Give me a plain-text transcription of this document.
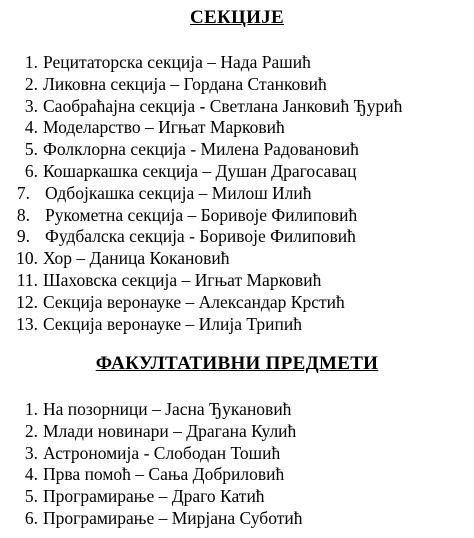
СЕКЦИЈЕ
1. Рецитаторска секција – Нада Рашић
2. Ликовна секција – Гордана Станковић
3. Саобраћајна секција - Светлана Јанковић Ђурић
4. Моделарство – Игњат Марковић
5. Фолклорна секција - Милена Радовановић
6. Кошаркашка секција – Душан Драгосавац
7. Одбојкашка секција – Милош Илић
8. Рукометна секција – Боривоје Филиповић
9. Фудбалска секција - Боривоје Филиповић
10. Хор – Даница Кокановић
11. Шаховска секција – Игњат Марковић
12. Секција веронауке – Александар Крстић
13. Секција веронауке – Илија Трипић
ФАКУЛТАТИВНИ ПРЕДМЕТИ
1. На позорници – Јасна Ђукановић
2. Млади новинари – Драгана Кулић
3. Астрономија - Слободан Тошић
4. Прва помоћ – Сања Добриловић
5. Програмирање – Драго Катић
6. Програмирање – Мирјана Суботић
